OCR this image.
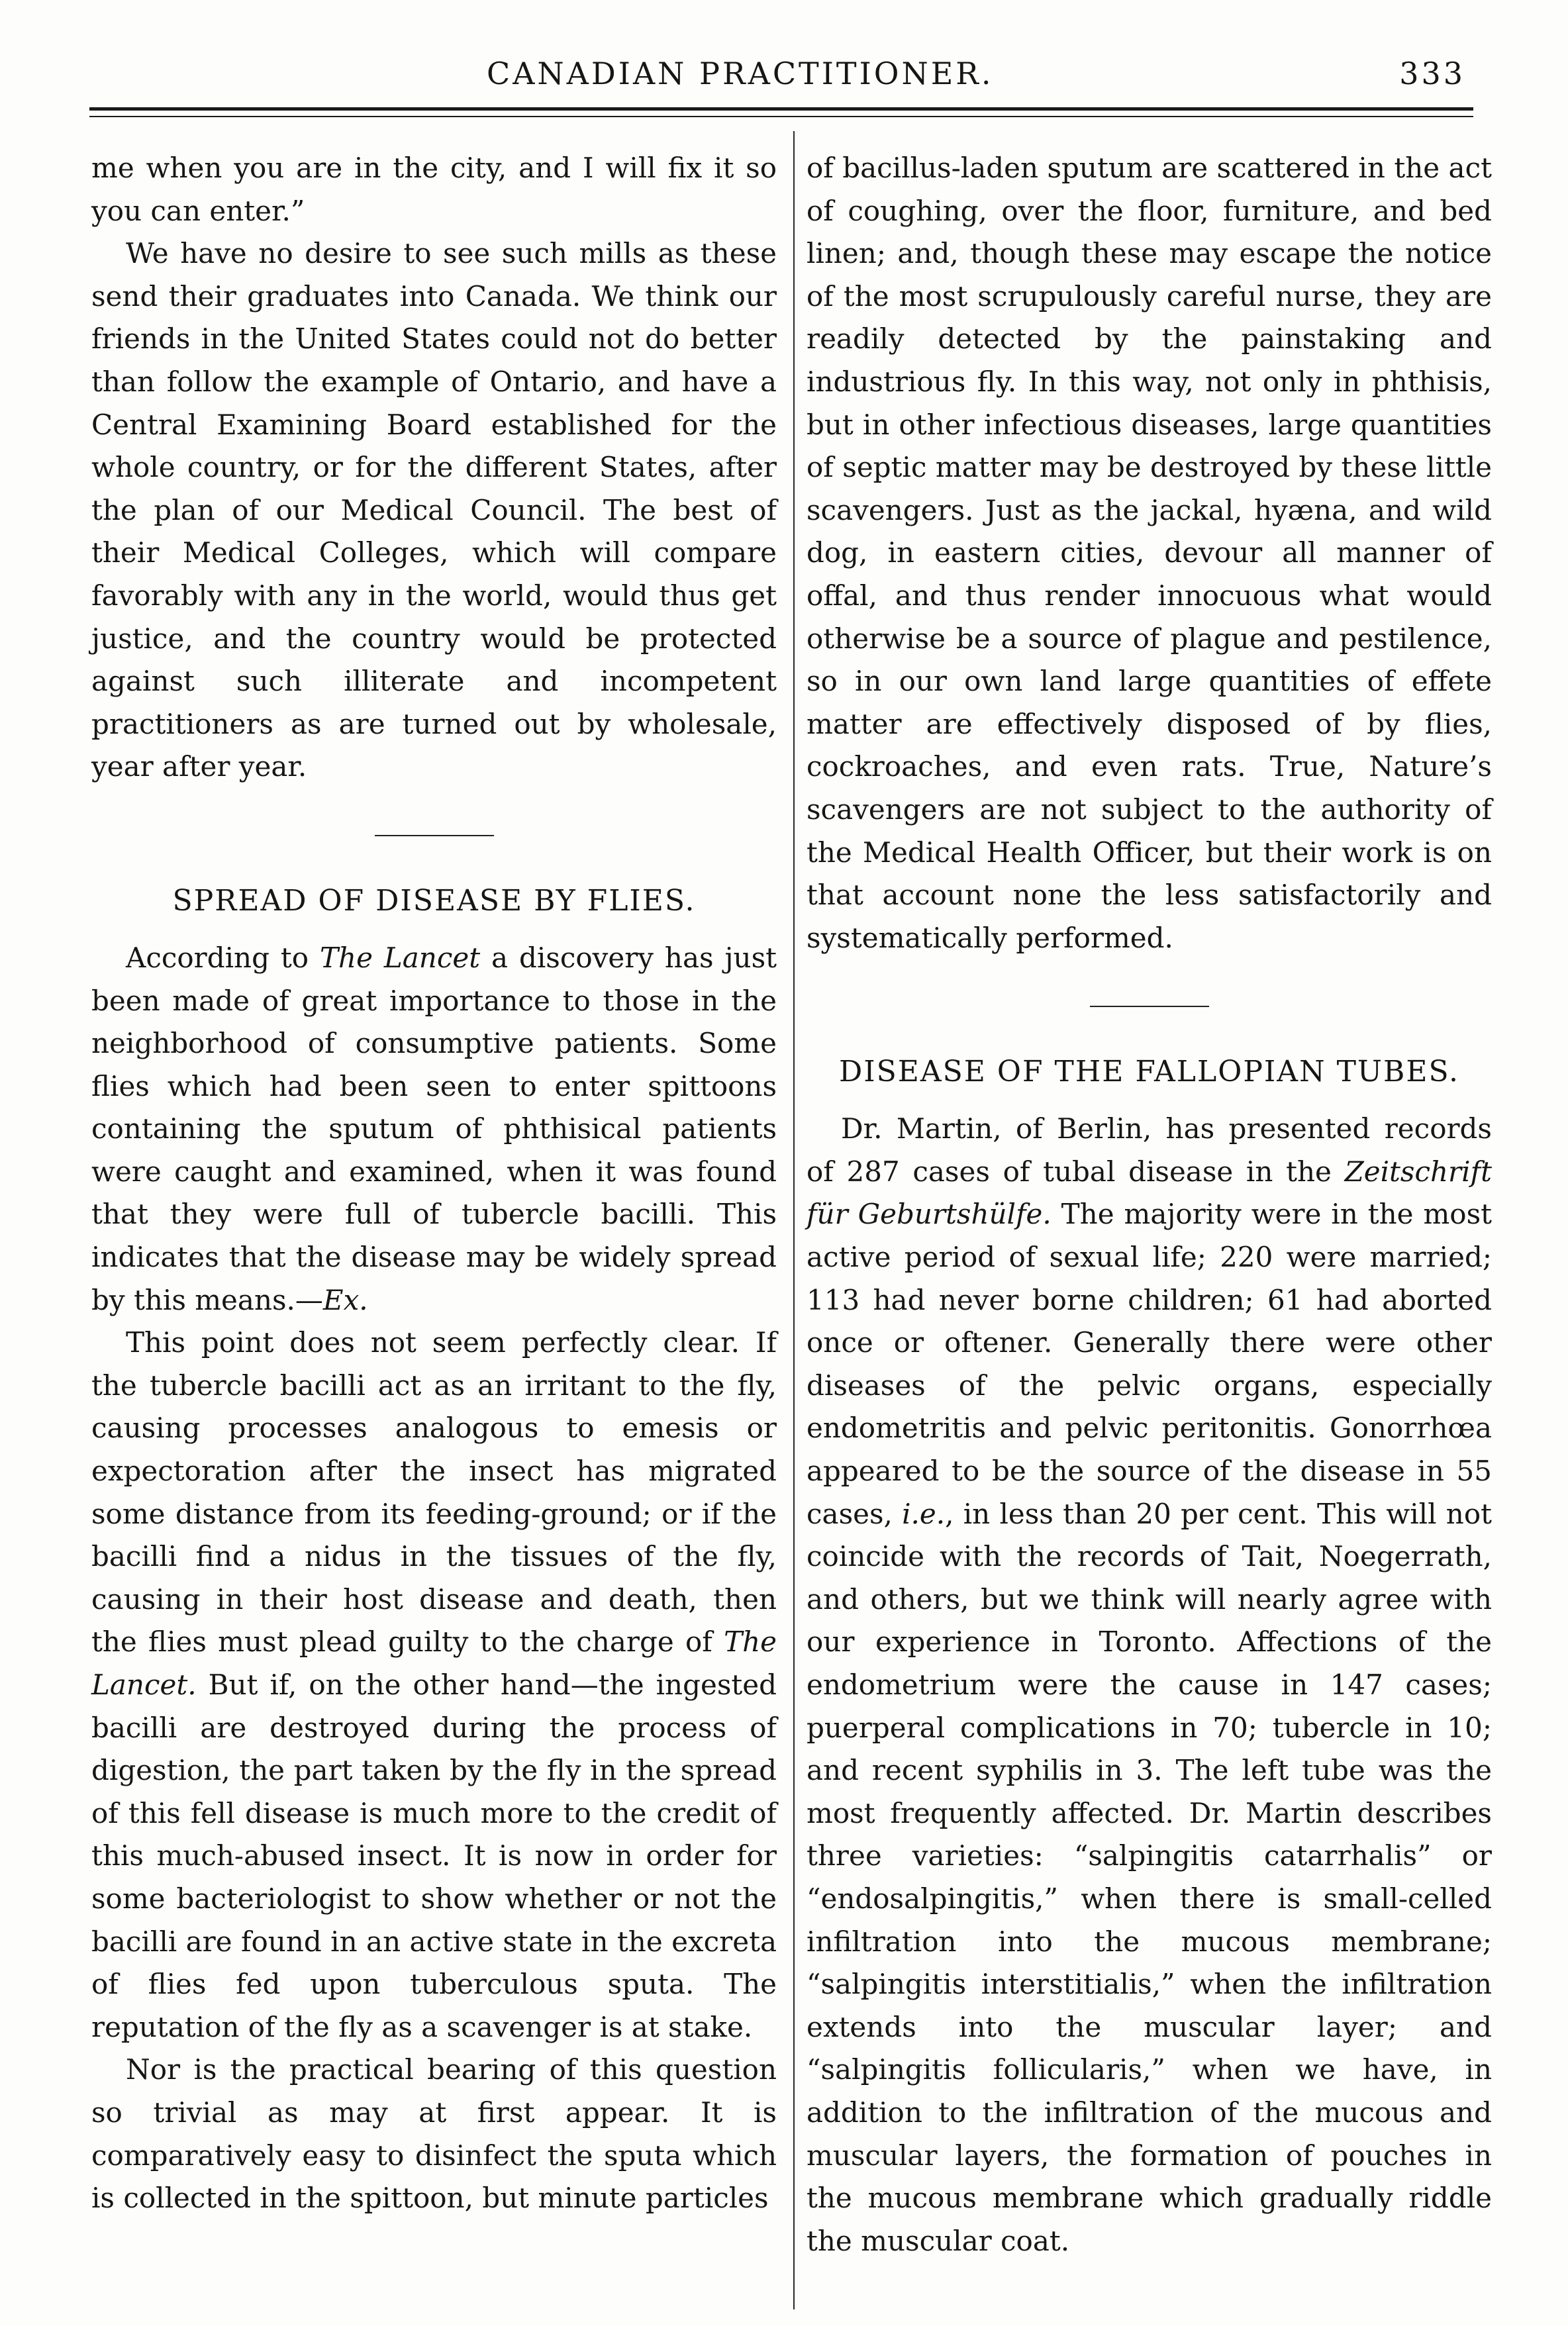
CANADIAN PRACTITIONER.	333

me when you are in the city, and I will fix it so you can enter.”

We have no desire to see such mills as these send their graduates into Canada. We think our friends in the United States could not do better than follow the example of Ontario, and have a Central Examining Board established for the whole country, or for the different States, after the plan of our Medical Council. The best of their Medical Colleges, which will compare favorably with any in the world, would thus get justice, and the country would be protected against such illiterate and incompetent practitioners as are turned out by wholesale, year after year.

SPREAD OF DISEASE BY FLIES.

According to The Lancet a discovery has just been made of great importance to those in the neighborhood of consumptive patients. Some flies which had been seen to enter spittoons containing the sputum of phthisical patients were caught and examined, when it was found that they were full of tubercle bacilli. This indicates that the disease may be widely spread by this means.—Ex.

This point does not seem perfectly clear. If the tubercle bacilli act as an irritant to the fly, causing processes analogous to emesis or expectoration after the insect has migrated some distance from its feeding-ground; or if the bacilli find a nidus in the tissues of the fly, causing in their host disease and death, then the flies must plead guilty to the charge of The Lancet. But if, on the other hand—the ingested bacilli are destroyed during the process of digestion, the part taken by the fly in the spread of this fell disease is much more to the credit of this much-abused insect. It is now in order for some bacteriologist to show whether or not the bacilli are found in an active state in the excreta of flies fed upon tuberculous sputa. The reputation of the fly as a scavenger is at stake.

Nor is the practical bearing of this question so trivial as may at first appear. It is comparatively easy to disinfect the sputa which is collected in the spittoon, but minute particles

of bacillus-laden sputum are scattered in the act of coughing, over the floor, furniture, and bed linen; and, though these may escape the notice of the most scrupulously careful nurse, they are readily detected by the painstaking and industrious fly. In this way, not only in phthisis, but in other infectious diseases, large quantities of septic matter may be destroyed by these little scavengers. Just as the jackal, hyæna, and wild dog, in eastern cities, devour all manner of offal, and thus render innocuous what would otherwise be a source of plague and pestilence, so in our own land large quantities of effete matter are effectively disposed of by flies, cockroaches, and even rats. True, Nature’s scavengers are not subject to the authority of the Medical Health Officer, but their work is on that account none the less satisfactorily and systematically performed.

DISEASE OF THE FALLOPIAN TUBES.

Dr. Martin, of Berlin, has presented records of 287 cases of tubal disease in the Zeitschrift für Geburtshülfe. The majority were in the most active period of sexual life; 220 were married; 113 had never borne children; 61 had aborted once or oftener. Generally there were other diseases of the pelvic organs, especially endometritis and pelvic peritonitis. Gonorrhœa appeared to be the source of the disease in 55 cases, i.e., in less than 20 per cent. This will not coincide with the records of Tait, Noegerrath, and others, but we think will nearly agree with our experience in Toronto. Affections of the endometrium were the cause in 147 cases; puerperal complications in 70; tubercle in 10; and recent syphilis in 3. The left tube was the most frequently affected. Dr. Martin describes three varieties: “salpingitis catarrhalis” or “endosalpingitis,” when there is small-celled infiltration into the mucous membrane; “salpingitis interstitialis,” when the infiltration extends into the muscular layer; and “salpingitis follicularis,” when we have, in addition to the infiltration of the mucous and muscular layers, the formation of pouches in the mucous membrane which gradually riddle the muscular coat.
